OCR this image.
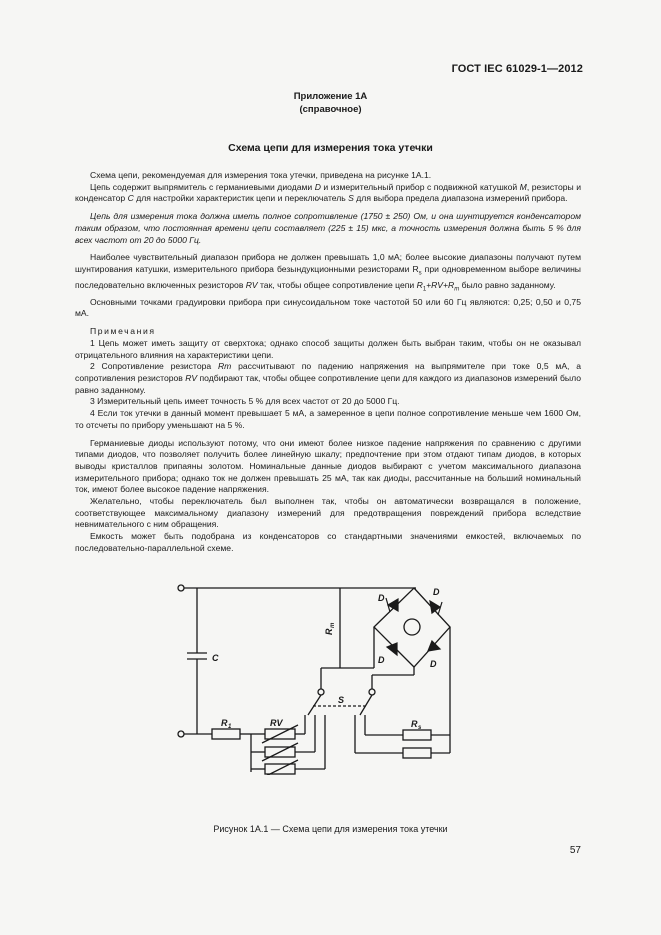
ГОСТ IEC 61029-1—2012
Приложение 1А
(справочное)
Схема цепи для измерения тока утечки

Схема цепи, рекомендуемая для измерения тока утечки, приведена на рисунке 1А.1.

Цепь содержит выпрямитель с германиевыми диодами D и измерительный прибор с подвижной катушкой М, резисторы и конденсатор С для настройки характеристик цепи и переключатель S для выбора предела диапазона измерений прибора.

Цепь для измерения тока должна иметь полное сопротивление (1750 ± 250) Ом, и она шунтируется конденсатором таким образом, что постоянная времени цепи составляет (225 ± 15) мкс, а точность измерения должна быть 5 % для всех частот от 20 до 5000 Гц.

Наиболее чувствительный диапазон прибора не должен превышать 1,0 мА; более высокие диапазоны получают путем шунтирования катушки, измерительного прибора безындукционными резисторами $R_s$ при одновременном выборе величины последовательно включенных резисторов RV так, чтобы общее сопротивление цепи $R_1+RV+R_m$ было равно заданному.

Основными точками градуировки прибора при синусоидальном токе частотой 50 или 60 Гц являются: 0,25; 0,50 и 0,75 мА.

Примечания

1 Цепь может иметь защиту от сверхтока; однако способ защиты должен быть выбран таким, чтобы он не оказывал отрицательного влияния на характеристики цепи.

2 Сопротивление резистора Rm рассчитывают по падению напряжения на выпрямителе при токе 0,5 мА, а сопротивления резисторов RV подбирают так, чтобы общее сопротивление цепи для каждого из диапазонов измерений было равно заданному.

3 Измерительный цепь имеет точность 5 % для всех частот от 20 до 5000 Гц.

4 Если ток утечки в данный момент превышает 5 мА, а замеренное в цепи полное сопротивление меньше чем 1600 Ом, то отсчеты по прибору уменьшают на 5 %.

Германиевые диоды используют потому, что они имеют более низкое падение напряжения по сравнению с другими типами диодов, что позволяет получить более линейную шкалу; предпочтение при этом отдают типам диодов, в которых выводы кристаллов припаяны золотом. Номинальные данные диодов выбирают с учетом максимального диапазона измерительного прибора; однако ток не должен превышать 25 мА, так как диоды, рассчитанные на больший номинальный ток, имеют более высокое падение напряжения.

Желательно, чтобы переключатель был выполнен так, чтобы он автоматически возвращался в положение, соответствующее максимальному диапазону измерений для предотвращения повреждений прибора вследствие невнимательного с ним обращения.

Емкость может быть подобрана из конденсаторов со стандартными значениями емкостей, включаемых по последовательно-параллельной схеме.

C
D
D
D	D
S
R 1	RV	R s
R
m
Рисунок 1А.1 — Схема цепи для измерения тока утечки
57
